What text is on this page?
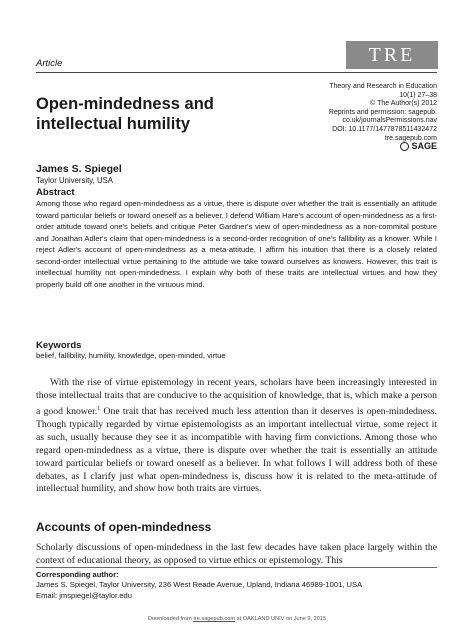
Article	TRE
Theory and Research in Education
10(1) 27–38
© The Author(s) 2012
Reprints and permission: sagepub.
co.uk/journalsPermissions.nav
DOI: 10.1177/1477878511432472
tre.sagepub.com
SAGE
Open-mindedness and intellectual humility
James S. Spiegel
Taylor University, USA
Abstract

Among those who regard open-mindedness as a virtue, there is dispute over whether the trait is essentially an attitude toward particular beliefs or toward oneself as a believer. I defend William Hare's account of open-mindedness as a first-order attitude toward one's beliefs and critique Peter Gardner's view of open-mindedness as a non-commital posture and Jonathan Adler's claim that open-mindedness is a second-order recognition of one's fallibility as a knower. While I reject Adler's account of open-mindedness as a meta-attitude, I affirm his intuition that there is a closely related second-order intellectual virtue pertaining to the attitude we take toward ourselves as knowers. However, this trait is intellectual humility not open-mindedness. I explain why both of these traits are intellectual virtues and how they properly build off one another in the virtuous mind.

Keywords
belief, fallibility, humility, knowledge, open-minded, virtue

With the rise of virtue epistemology in recent years, scholars have been increasingly interested in those intellectual traits that are conducive to the acquisition of knowledge, that is, which make a person a good knower.$^1$ One trait that has received much less attention than it deserves is open-mindedness. Though typically regarded by virtue epistemologists as an important intellectual virtue, some reject it as such, usually because they see it as incompatible with having firm convictions. Among those who regard open-mindedness as a virtue, there is dispute over whether the trait is essentially an attitude toward particular beliefs or toward oneself as a believer. In what follows I will address both of these debates, as I clarify just what open-mindedness is, discuss how it is related to the meta-attitude of intellectual humility, and show how both traits are virtues.

Accounts of open-mindedness

Scholarly discussions of open-mindedness in the last few decades have taken place largely within the context of educational theory, as opposed to virtue ethics or epistemology. This

Corresponding author:
James S. Spiegel, Taylor University, 236 West Reade Avenue, Upland, Indiana 46989-1001, USA
Email: jmspiegel@taylor.edu
Downloaded from tre.sagepub.com at OAKLAND UNIV on June 9, 2015
